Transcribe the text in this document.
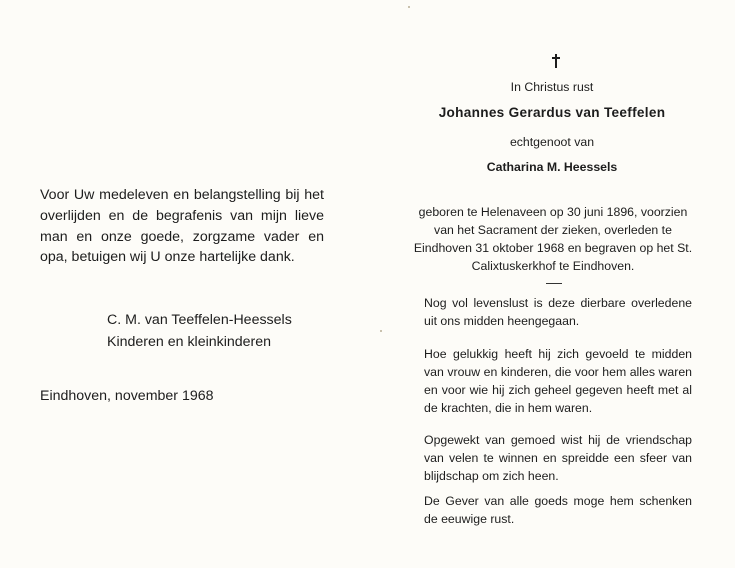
Voor Uw medeleven en belangstelling bij het overlijden en de begrafenis van mijn lieve man en onze goede, zorgzame vader en opa, betuigen wij U onze hartelijke dank.
C. M. van Teeffelen-Heessels
Kinderen en kleinkinderen
Eindhoven, november 1968
In Christus rust
Johannes Gerardus van Teeffelen
echtgenoot van
Catharina M. Heessels
geboren te Helenaveen op 30 juni 1896, voorzien van het Sacrament der zieken, overleden te Eindhoven 31 oktober 1968 en begraven op het St. Calixtuskerkhof te Eindhoven.
Nog vol levenslust is deze dierbare overledene uit ons midden heengegaan.
Hoe gelukkig heeft hij zich gevoeld te midden van vrouw en kinderen, die voor hem alles waren en voor wie hij zich geheel gegeven heeft met al de krachten, die in hem waren.
Opgewekt van gemoed wist hij de vriendschap van velen te winnen en spreidde een sfeer van blijdschap om zich heen.
De Gever van alle goeds moge hem schenken de eeuwige rust.
